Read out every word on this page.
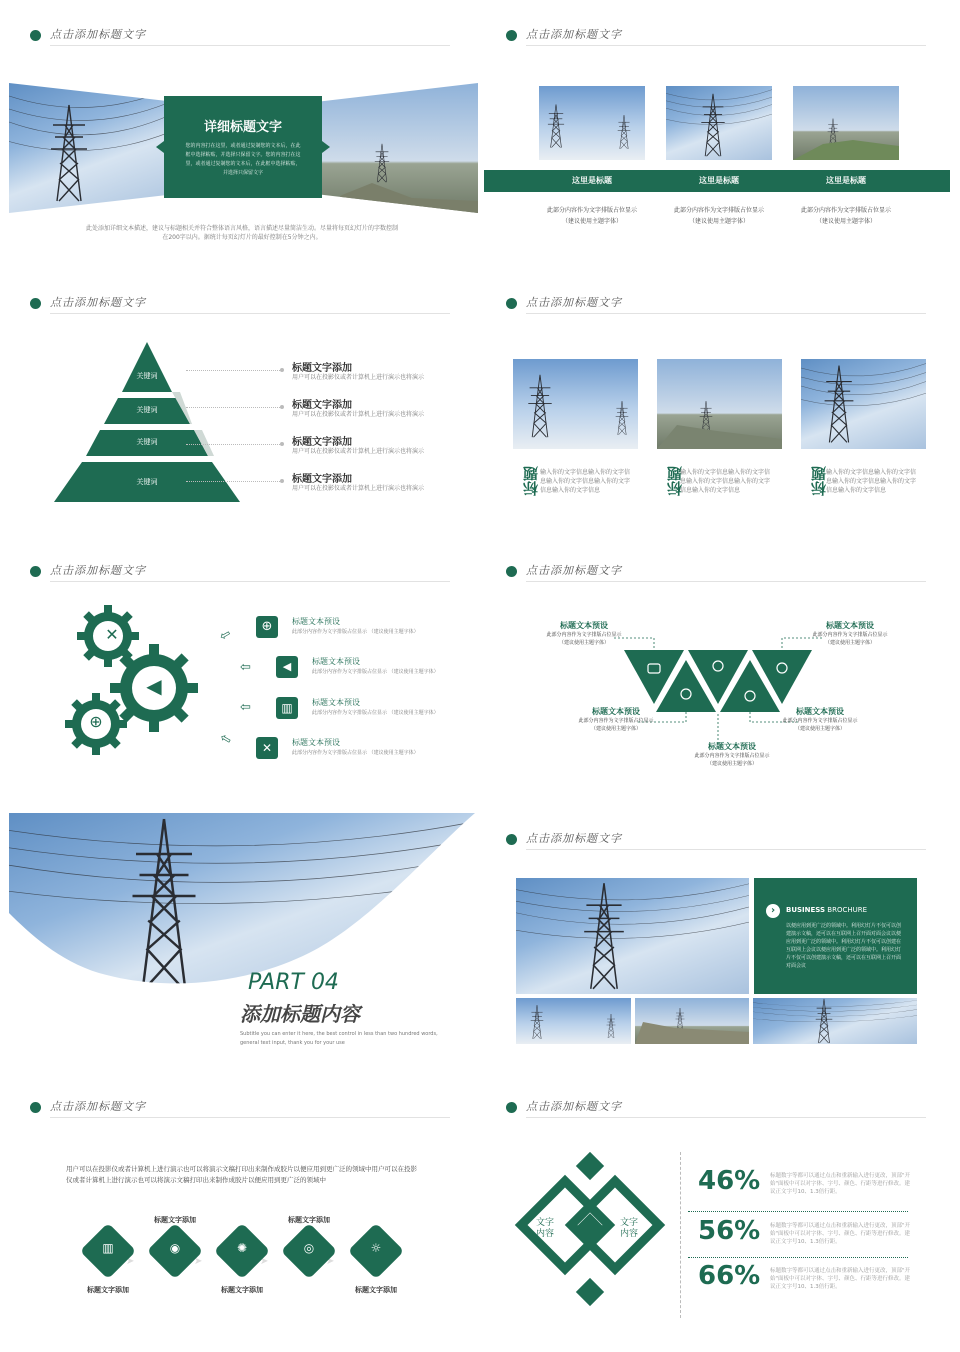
点击添加标题文字
详细标题文字
您的内容打在这里，或者通过复制您的文本后，在此框中选择粘贴，并选择只保留文字。您的内容打在这里，或者通过复制您的文本后，在此框中选择粘贴，并选择只保留文字
此处添加详细文本描述，建议与标题相关并符合整体语言风格，语言描述尽量简洁生动。尽量将每页幻灯片的字数控制在200字以内。据统计每页幻灯片的最好控制在5分钟之内。
点击添加标题文字
这里是标题
此部分内容作为文字排版占位显示
（建议使用主题字体）
这里是标题
此部分内容作为文字排版占位显示
（建议使用主题字体）
这里是标题
此部分内容作为文字排版占位显示
（建议使用主题字体）
点击添加标题文字
关键词
关键词
关键词
关键词
标题文字添加
用户可以在投影仪或者计算机上进行演示也将演示
标题文字添加
用户可以在投影仪或者计算机上进行演示也将演示
标题文字添加
用户可以在投影仪或者计算机上进行演示也将演示
标题文字添加
用户可以在投影仪或者计算机上进行演示也将演示
点击添加标题文字
标题 输入你的文字信息输入你的文字信息输入你的文字信息输入你的文字信息输入你的文字信息	标题
输入你的文字信息输入你的文字信息输入你的文字信息输入你的文字信息输入你的文字信息	标题
输入你的文字信息输入你的文字信息输入你的文字信息输入你的文字信息输入你的文字信息
点击添加标题文字
✕
◀
⊕
⇦
⇦
⇦
⇦
⊕	标题文本预设
此部分内容作为文字排版占位显示 （建议使用主题字体）
◀	标题文本预设
此部分内容作为文字排版占位显示 （建议使用主题字体）
▥	标题文本预设
此部分内容作为文字排版占位显示 （建议使用主题字体）
✕	标题文本预设
此部分内容作为文字排版占位显示 （建议使用主题字体）
点击添加标题文字
标题文本预设
此部分内容作为文字排版占位显示
（建议使用主题字体）
标题文本预设
此部分内容作为文字排版占位显示
（建议使用主题字体）
标题文本预设
此部分内容作为文字排版占位显示
（建议使用主题字体）
标题文本预设
此部分内容作为文字排版占位显示
（建议使用主题字体）
标题文本预设
此部分内容作为文字排版占位显示
（建议使用主题字体）
PART 04
添加标题内容
Subtitle you can enter it here, the best control in less than two hundred words, general text input, thank you for your use
点击添加标题文字
›	BUSINESS BROCHURE
以便应用到更广泛的领域中。利用幻灯片不仅可以创建演示文稿，还可以在互联网上召开面对面会议以便应用到更广泛的领域中。利用幻灯片不仅可以创建在互联网上会议以便应用到更广泛的领域中。利用幻灯片不仅可以创建演示文稿，还可以在互联网上召开面对面会议
点击添加标题文字
用户可以在投影仪或者计算机上进行演示也可以将演示文稿打印出来制作成胶片以便应用到更广泛的领域中用户可以在投影仪或者计算机上进行演示也可以将演示文稿打印出来制作成胶片以便应用到更广泛的领域中
➤	➤	➤	➤
▥	◉	✺	◎	☼
标题文字添加	标题文字添加
标题文字添加	标题文字添加	标题文字添加
点击添加标题文字
文字内容
文字内容
46% 标题数字等都可以通过点击和重新输入进行更改，顶部"开始"面板中可以对字体、字号、颜色、行距等进行修改。建议正文字号10、1.3倍行距。
56% 标题数字等都可以通过点击和重新输入进行更改，顶部"开始"面板中可以对字体、字号、颜色、行距等进行修改。建议正文字号10、1.3倍行距。
66% 标题数字等都可以通过点击和重新输入进行更改，顶部"开始"面板中可以对字体、字号、颜色、行距等进行修改。建议正文字号10、1.3倍行距。
